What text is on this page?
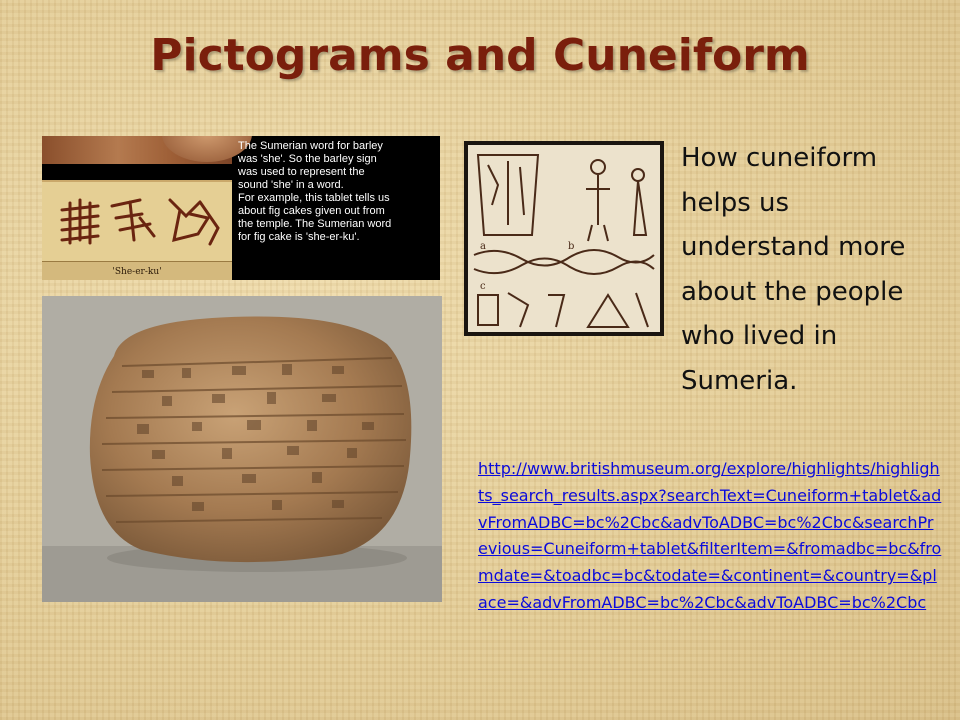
Pictograms and Cuneiform
'She-er-ku'
The Sumerian word for barley
was 'she'. So the barley sign
was used to represent the
sound 'she' in a word.
For example, this tablet tells us
about fig cakes given out from
the temple. The Sumerian word
for fig cake is 'she-er-ku'.
a	b
c

How cuneiform
helps us
understand more
about the people
who lived in
Sumeria.

http://www.britishmuseum.org/explore/highlights/highlights_search_results.aspx?searchText=Cuneiform+tablet&advFromADBC=bc%2Cbc&advToADBC=bc%2Cbc&searchPrevious=Cuneiform+tablet&filterItem=&fromadbc=bc&fromdate=&toadbc=bc&todate=&continent=&country=&place=&advFromADBC=bc%2Cbc&advToADBC=bc%2Cbc
